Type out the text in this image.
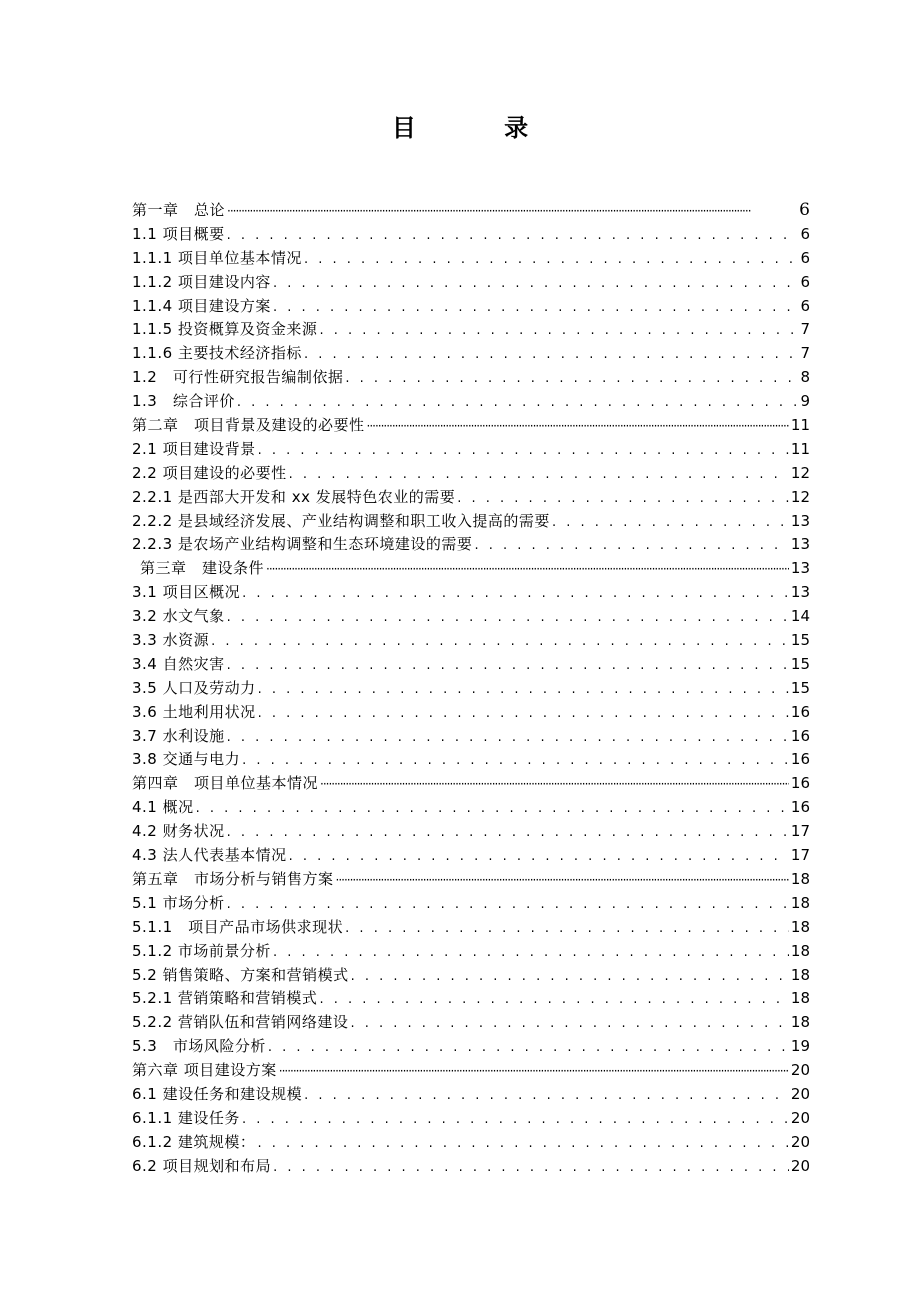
目 录
第一章　总论 ·····	6
1.1 项目概要 . . .	6
1.1.1 项目单位基本情况 . . .	6
1.1.2 项目建设内容 . . .	6
1.1.4 项目建设方案 . . .	6
1.1.5 投资概算及资金来源 . . .	7
1.1.6 主要技术经济指标 . . .	7
1.2　可行性研究报告编制依据 . . .	8
1.3　综合评价 . . .	9
第二章　项目背景及建设的必要性 ·····	11
2.1 项目建设背景 . . .	11
2.2 项目建设的必要性 . . .	12
2.2.1 是西部大开发和 xx 发展特色农业的需要 . . .	12
2.2.2 是县域经济发展、产业结构调整和职工收入提高的需要 . . .	13
2.2.3 是农场产业结构调整和生态环境建设的需要 . . .	13
第三章　建设条件 ·····	13
3.1 项目区概况 . . .	13
3.2 水文气象 . . .	14
3.3 水资源 . . .	15
3.4 自然灾害 . . .	15
3.5 人口及劳动力 . . .	15
3.6 土地利用状况 . . .	16
3.7 水利设施 . . .	16
3.8 交通与电力 . . .	16
第四章　项目单位基本情况 ·····	16
4.1 概况 . . .	16
4.2 财务状况 . . .	17
4.3 法人代表基本情况 . . .	17
第五章　市场分析与销售方案 ·····	18
5.1 市场分析 . . .	18
5.1.1　项目产品市场供求现状 . . .	18
5.1.2 市场前景分析 . . .	18
5.2 销售策略、方案和营销模式 . . .	18
5.2.1 营销策略和营销模式 . . .	18
5.2.2 营销队伍和营销网络建设 . . .	18
5.3　市场风险分析 . . .	19
第六章 项目建设方案 ·····	20
6.1 建设任务和建设规模 . . .	20
6.1.1 建设任务 . . .	20
6.1.2 建筑规模： . . .	20
6.2 项目规划和布局 . . .	20
